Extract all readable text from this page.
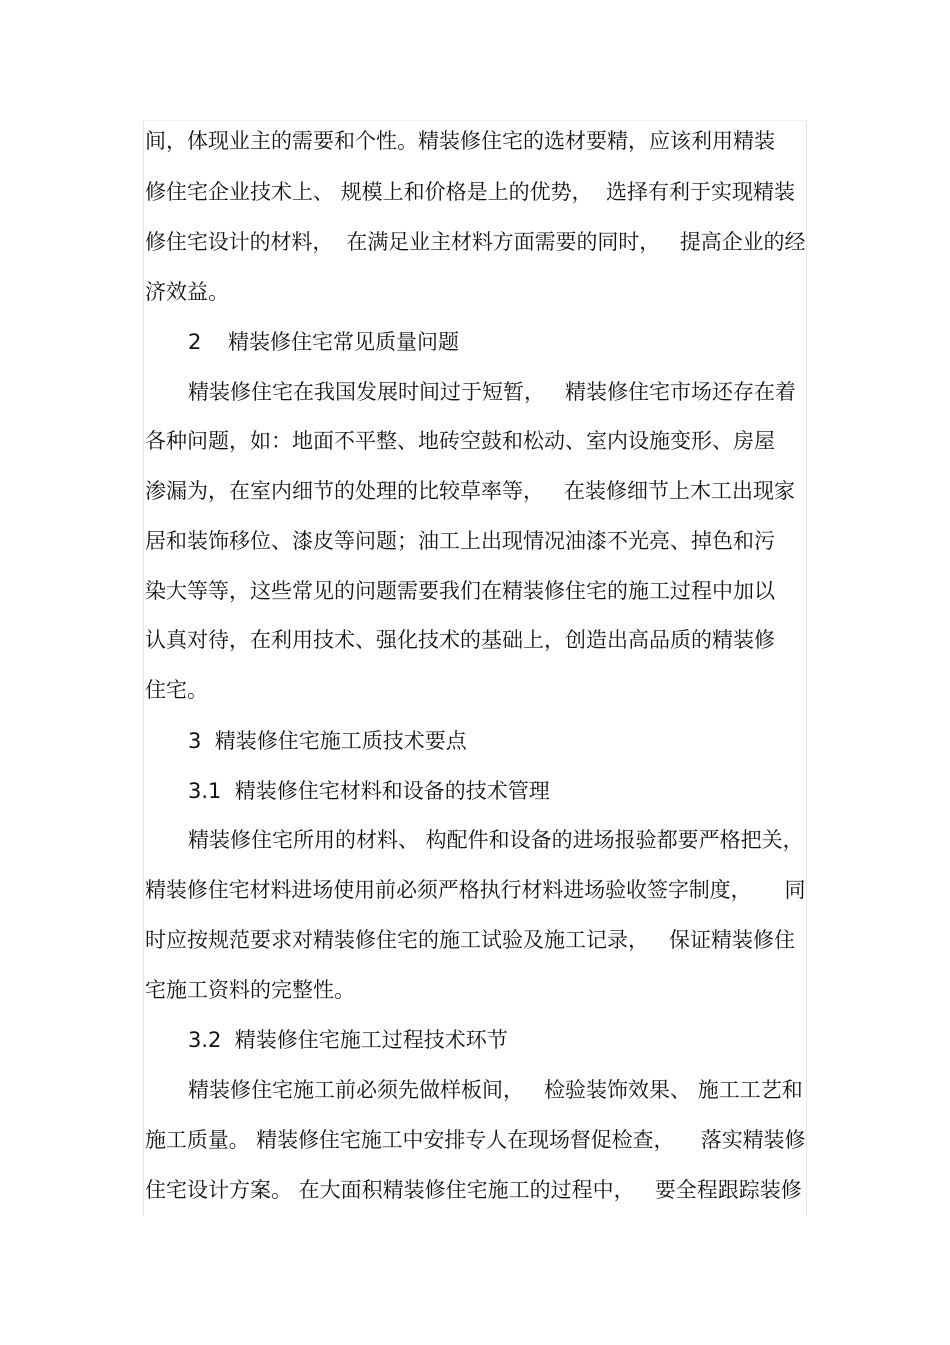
间，体现业主的需要和个性。精装修住宅的选材要精，应该利用精装
修住宅企业技术上、 规模上和价格是上的优势，  选择有利于实现精装
修住宅设计的材料，  在满足业主材料方面需要的同时，   提高企业的经
济效益。
2    精装修住宅常见质量问题
精装修住宅在我国发展时间过于短暂，   精装修住宅市场还存在着
各种问题，如：地面不平整、地砖空鼓和松动、室内设施变形、房屋
渗漏为，在室内细节的处理的比较草率等，   在装修细节上木工出现家
居和装饰移位、漆皮等问题；油工上出现情况油漆不光亮、掉色和污
染大等等，这些常见的问题需要我们在精装修住宅的施工过程中加以
认真对待，在利用技术、强化技术的基础上，创造出高品质的精装修
住宅。
3  精装修住宅施工质技术要点
3.1  精装修住宅材料和设备的技术管理
精装修住宅所用的材料、 构配件和设备的进场报验都要严格把关，
精装修住宅材料进场使用前必须严格执行材料进场验收签字制度，     同
时应按规范要求对精装修住宅的施工试验及施工记录，   保证精装修住
宅施工资料的完整性。
3.2  精装修住宅施工过程技术环节
精装修住宅施工前必须先做样板间，   检验装饰效果、 施工工艺和
施工质量。 精装修住宅施工中安排专人在现场督促检查，    落实精装修
住宅设计方案。 在大面积精装修住宅施工的过程中，   要全程跟踪装修
